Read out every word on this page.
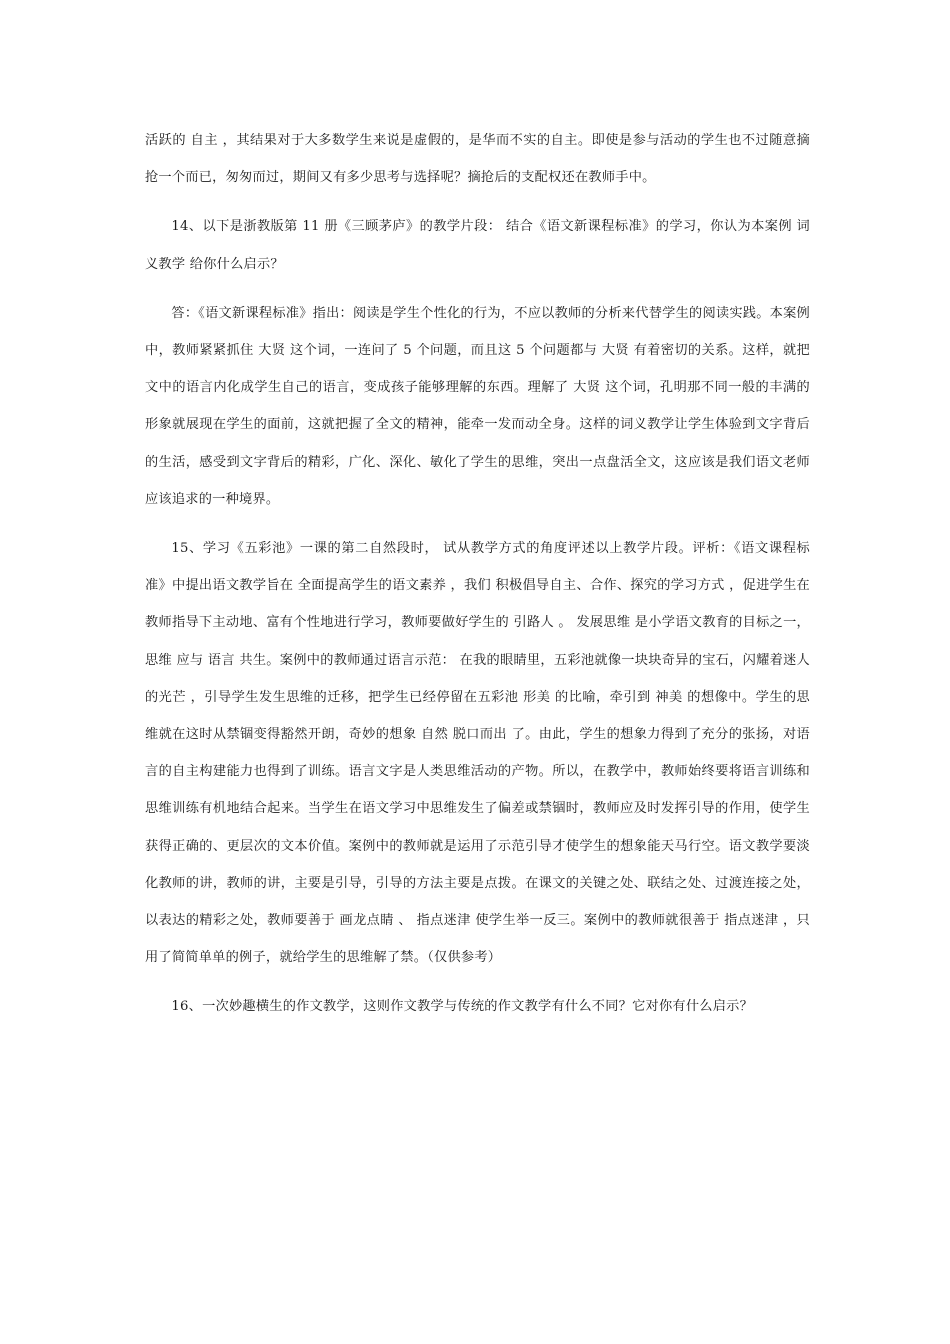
活跃的 自主 ，其结果对于大多数学生来说是虚假的，是华而不实的自主。即使是参与活动的学生也不过随意摘抢一个而已，匆匆而过，期间又有多少思考与选择呢？摘抢后的支配权还在教师手中。

14、以下是浙教版第 11 册《三顾茅庐》的教学片段： 结合《语文新课程标准》的学习，你认为本案例 词义教学 给你什么启示？

答：《语文新课程标准》指出：阅读是学生个性化的行为，不应以教师的分析来代替学生的阅读实践。本案例中，教师紧紧抓住 大贤 这个词，一连问了 5 个问题，而且这 5 个问题都与 大贤 有着密切的关系。这样，就把文中的语言内化成学生自己的语言，变成孩子能够理解的东西。理解了 大贤 这个词，孔明那不同一般的丰满的形象就展现在学生的面前，这就把握了全文的精神，能牵一发而动全身。这样的词义教学让学生体验到文字背后的生活，感受到文字背后的精彩，广化、深化、敏化了学生的思维，突出一点盘活全文，这应该是我们语文老师应该追求的一种境界。

15、学习《五彩池》一课的第二自然段时， 试从教学方式的角度评述以上教学片段。评析：《语文课程标准》中提出语文教学旨在 全面提高学生的语文素养 ，我们 积极倡导自主、合作、探究的学习方式 ，促进学生在教师指导下主动地、富有个性地进行学习，教师要做好学生的 引路人 。 发展思维 是小学语文教育的目标之一， 思维 应与 语言 共生。案例中的教师通过语言示范： 在我的眼睛里，五彩池就像一块块奇异的宝石，闪耀着迷人的光芒 ，引导学生发生思维的迁移，把学生已经停留在五彩池 形美 的比喻，牵引到 神美 的想像中。学生的思维就在这时从禁锢变得豁然开朗，奇妙的想象 自然 脱口而出 了。由此，学生的想象力得到了充分的张扬，对语言的自主构建能力也得到了训练。语言文字是人类思维活动的产物。所以，在教学中，教师始终要将语言训练和思维训练有机地结合起来。当学生在语文学习中思维发生了偏差或禁锢时，教师应及时发挥引导的作用，使学生获得正确的、更层次的文本价值。案例中的教师就是运用了示范引导才使学生的想象能天马行空。语文教学要淡化教师的讲，教师的讲，主要是引导，引导的方法主要是点拨。在课文的关键之处、联结之处、过渡连接之处，以表达的精彩之处，教师要善于 画龙点睛 、 指点迷津 使学生举一反三。案例中的教师就很善于 指点迷津 ，只用了简简单单的例子，就给学生的思维解了禁。（仅供参考）

16、一次妙趣横生的作文教学，这则作文教学与传统的作文教学有什么不同？它对你有什么启示？
